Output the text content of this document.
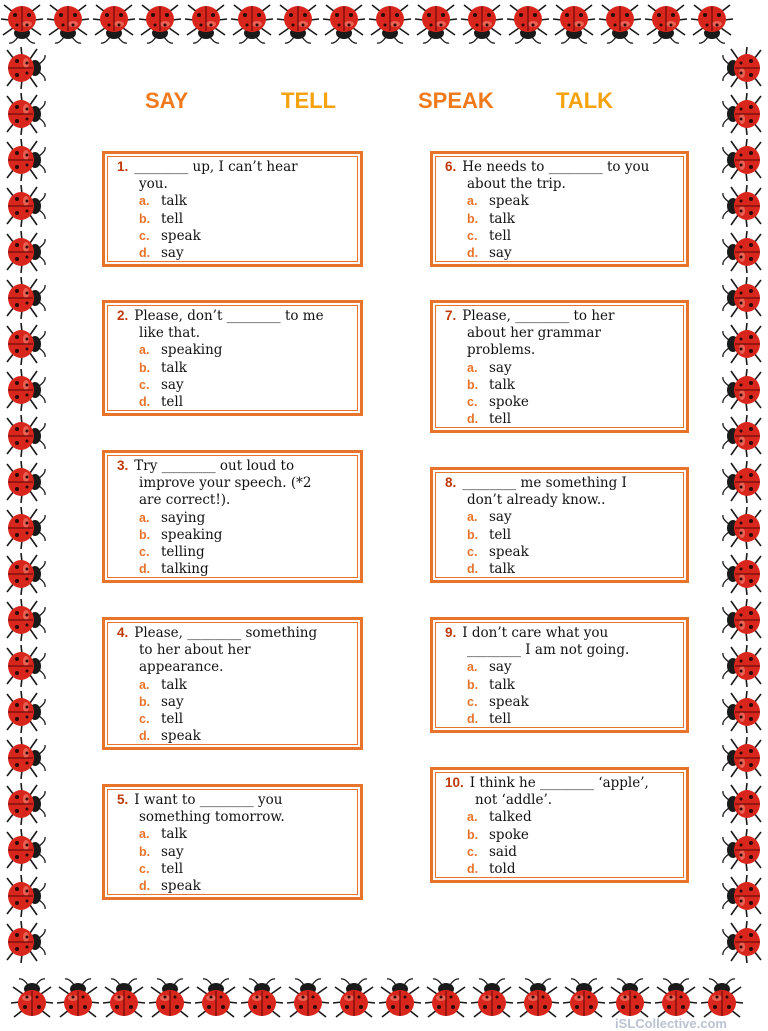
SAY	TELL	SPEAK	TALK
1. ________ up, I can’t hear
you.
a. talk
b. tell
c. speak
d. say
2. Please, don’t ________ to me
like that.
a. speaking
b. talk
c. say
d. tell
3. Try ________ out loud to
improve your speech. (*2
are correct!).
a. saying
b. speaking
c. telling
d. talking
4. Please, ________ something
to her about her
appearance.
a. talk
b. say
c. tell
d. speak
5. I want to ________ you
something tomorrow.
a. talk
b. say
c. tell
d. speak
6. He needs to ________ to you
about the trip.
a. speak
b. talk
c. tell
d. say
7. Please, ________ to her
about her grammar
problems.
a. say
b. talk
c. spoke
d. tell
8. ________ me something I
don’t already know..
a. say
b. tell
c. speak
d. talk
9. I don’t care what you
________ I am not going.
a. say
b. talk
c. speak
d. tell
10. I think he ________ ‘apple’,
not ‘addle’.
a. talked
b. spoke
c. said
d. told
iSLCollective.com
